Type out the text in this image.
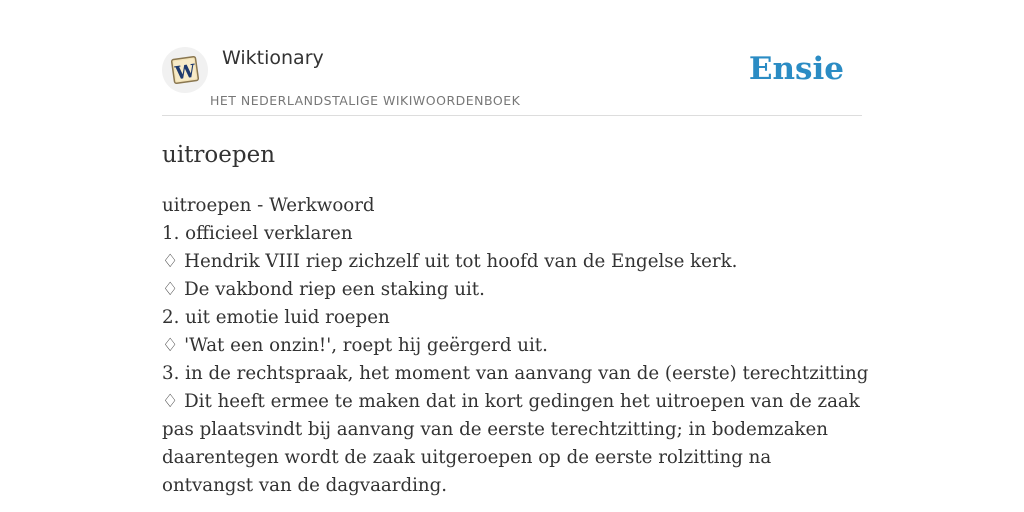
W
Wiktionary
HET NEDERLANDSTALIGE WIKIWOORDENBOEK
Ensie
uitroepen
uitroepen - Werkwoord
1. officieel verklaren
♢ Hendrik VIII riep zichzelf uit tot hoofd van de Engelse kerk.
♢ De vakbond riep een staking uit.
2. uit emotie luid roepen
♢ 'Wat een onzin!', roept hij geërgerd uit.
3. in de rechtspraak, het moment van aanvang van de (eerste) terechtzitting
♢ Dit heeft ermee te maken dat in kort gedingen het uitroepen van de zaak pas plaatsvindt bij aanvang van de eerste terechtzitting; in bodemzaken daarentegen wordt de zaak uitgeroepen op de eerste rolzitting na ontvangst van de dagvaarding.
